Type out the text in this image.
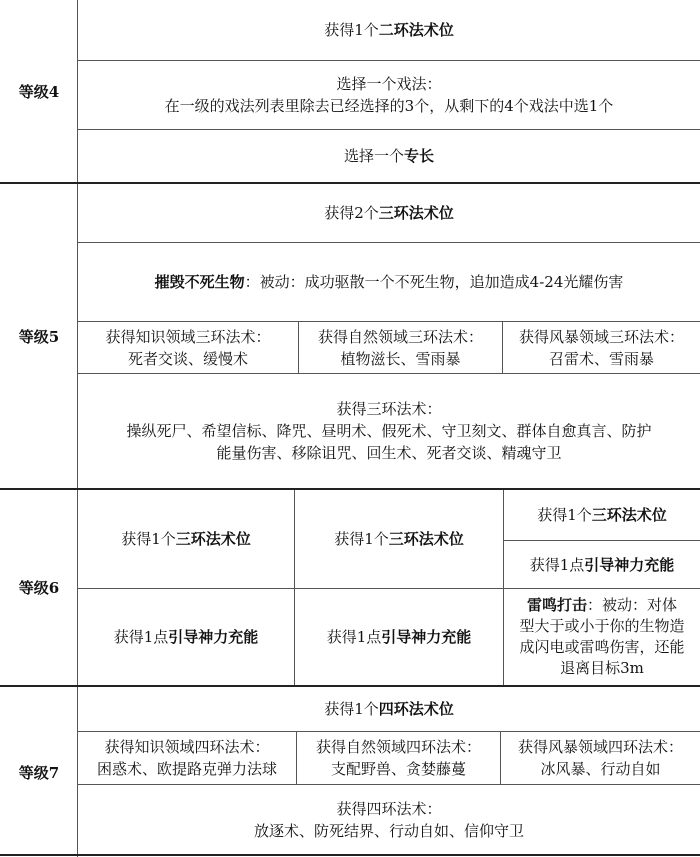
等级4
获得1个二环法术位
选择一个戏法：
在一级的戏法列表里除去已经选择的3个，从剩下的4个戏法中选1个
选择一个专长
等级5
获得2个三环法术位
摧毁不死生物：被动：成功驱散一个不死生物，追加造成4-24光耀伤害
获得知识领域三环法术：
死者交谈、缓慢术
获得自然领域三环法术：
植物滋长、雪雨暴
获得风暴领域三环法术：
召雷术、雪雨暴
获得三环法术：
操纵死尸、希望信标、降咒、昼明术、假死术、守卫刻文、群体自愈真言、防护
能量伤害、移除诅咒、回生术、死者交谈、精魂守卫
等级6
获得1个三环法术位	获得1个三环法术位
获得1个三环法术位
获得1点引导神力充能
获得1点引导神力充能	获得1点引导神力充能
雷鸣打击：被动：对体
型大于或小于你的生物造
成闪电或雷鸣伤害，还能
退离目标3m
等级7
获得1个四环法术位
获得知识领域四环法术：
困惑术、欧提路克弹力法球
获得自然领域四环法术：
支配野兽、贪婪藤蔓
获得风暴领域四环法术：
冰风暴、行动自如
获得四环法术：
放逐术、防死结界、行动自如、信仰守卫
